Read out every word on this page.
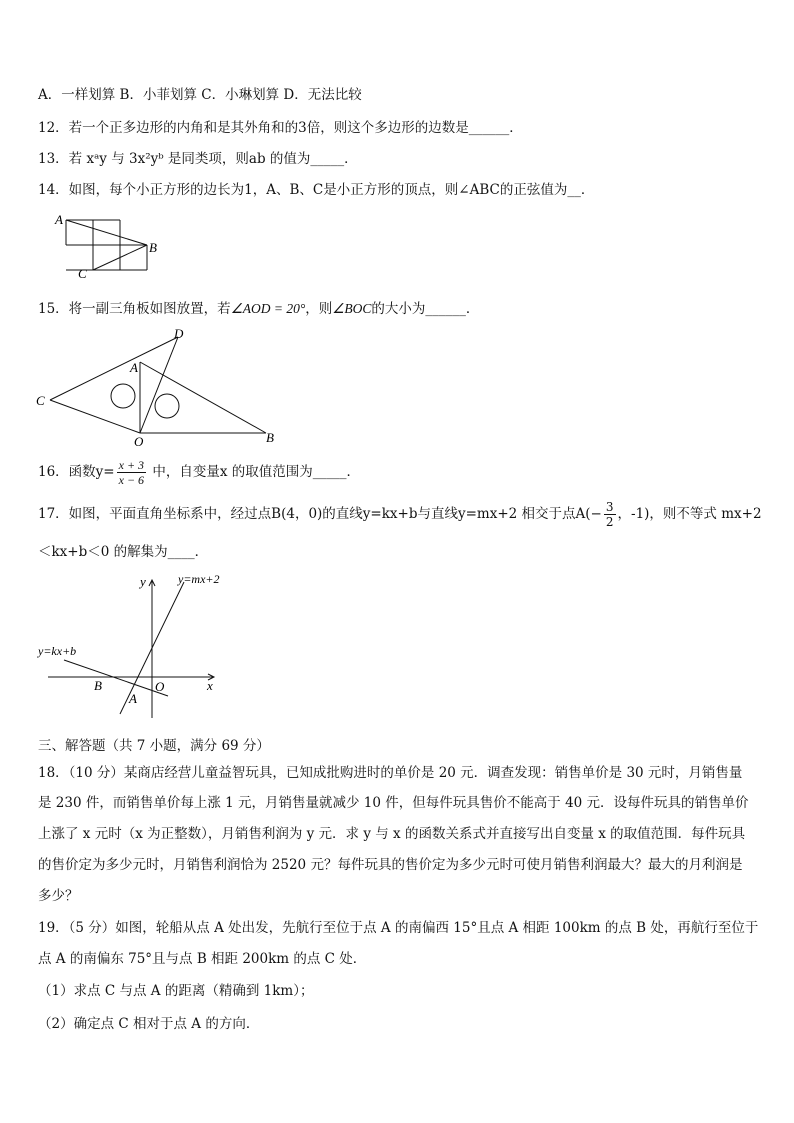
A．一样划算 B．小菲划算 C．小琳划算 D．无法比较
12．若一个正多边形的内角和是其外角和的3倍，则这个多边形的边数是______．
13．若 xᵃy 与 3x²yᵇ 是同类项，则ab 的值为_____．
14．如图，每个小正方形的边长为1，A、B、C是小正方形的顶点，则∠ABC的正弦值为__．
A
B
C
15．将一副三角板如图放置，若∠AOD = 20°，则∠BOC的大小为______．
D
A
C
O	B
16．函数$y= \frac{x + 3}{x - 6}$ 中，自变量x 的取值范围为_____．
17．如图，平面直角坐标系中，经过点B(4，0)的直线y=kx+b与直线y=mx+2 相交于点$A(- \frac{3}{2}$ ，-1)，则不等式 mx+2
＜kx+b＜0 的解集为____．
y	y=mx+2
y=kx+b
B	O	x
A
三、解答题（共 7 小题，满分 69 分）
18．（10 分）某商店经营儿童益智玩具，已知成批购进时的单价是 20 元．调查发现：销售单价是 30 元时，月销售量
是 230 件，而销售单价每上涨 1 元，月销售量就减少 10 件，但每件玩具售价不能高于 40 元．设每件玩具的销售单价
上涨了 x 元时（x 为正整数），月销售利润为 y 元．求 y 与 x 的函数关系式并直接写出自变量 x 的取值范围．每件玩具
的售价定为多少元时，月销售利润恰为 2520 元？每件玩具的售价定为多少元时可使月销售利润最大？最大的月利润是
多少？
19．（5 分）如图，轮船从点 A 处出发，先航行至位于点 A 的南偏西 15°且点 A 相距 100km 的点 B 处，再航行至位于
点 A 的南偏东 75°且与点 B 相距 200km 的点 C 处．
（1）求点 C 与点 A 的距离（精确到 1km）；
（2）确定点 C 相对于点 A 的方向．
